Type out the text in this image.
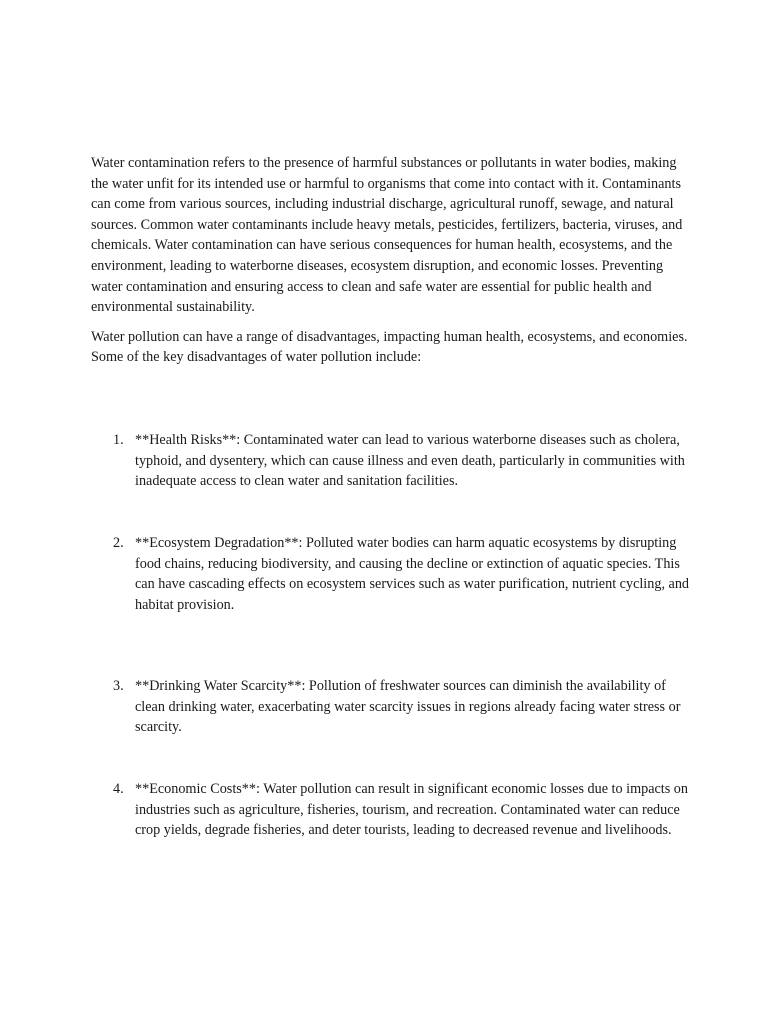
Water contamination refers to the presence of harmful substances or pollutants in water bodies, making the water unfit for its intended use or harmful to organisms that come into contact with it. Contaminants can come from various sources, including industrial discharge, agricultural runoff, sewage, and natural sources. Common water contaminants include heavy metals, pesticides, fertilizers, bacteria, viruses, and chemicals. Water contamination can have serious consequences for human health, ecosystems, and the environment, leading to waterborne diseases, ecosystem disruption, and economic losses. Preventing water contamination and ensuring access to clean and safe water are essential for public health and environmental sustainability.

Water pollution can have a range of disadvantages, impacting human health, ecosystems, and economies. Some of the key disadvantages of water pollution include:

1. **Health Risks**: Contaminated water can lead to various waterborne diseases such as cholera, typhoid, and dysentery, which can cause illness and even death, particularly in communities with inadequate access to clean water and sanitation facilities.
2. **Ecosystem Degradation**: Polluted water bodies can harm aquatic ecosystems by disrupting food chains, reducing biodiversity, and causing the decline or extinction of aquatic species. This can have cascading effects on ecosystem services such as water purification, nutrient cycling, and habitat provision.
3. **Drinking Water Scarcity**: Pollution of freshwater sources can diminish the availability of clean drinking water, exacerbating water scarcity issues in regions already facing water stress or scarcity.
4. **Economic Costs**: Water pollution can result in significant economic losses due to impacts on industries such as agriculture, fisheries, tourism, and recreation. Contaminated water can reduce crop yields, degrade fisheries, and deter tourists, leading to decreased revenue and livelihoods.
